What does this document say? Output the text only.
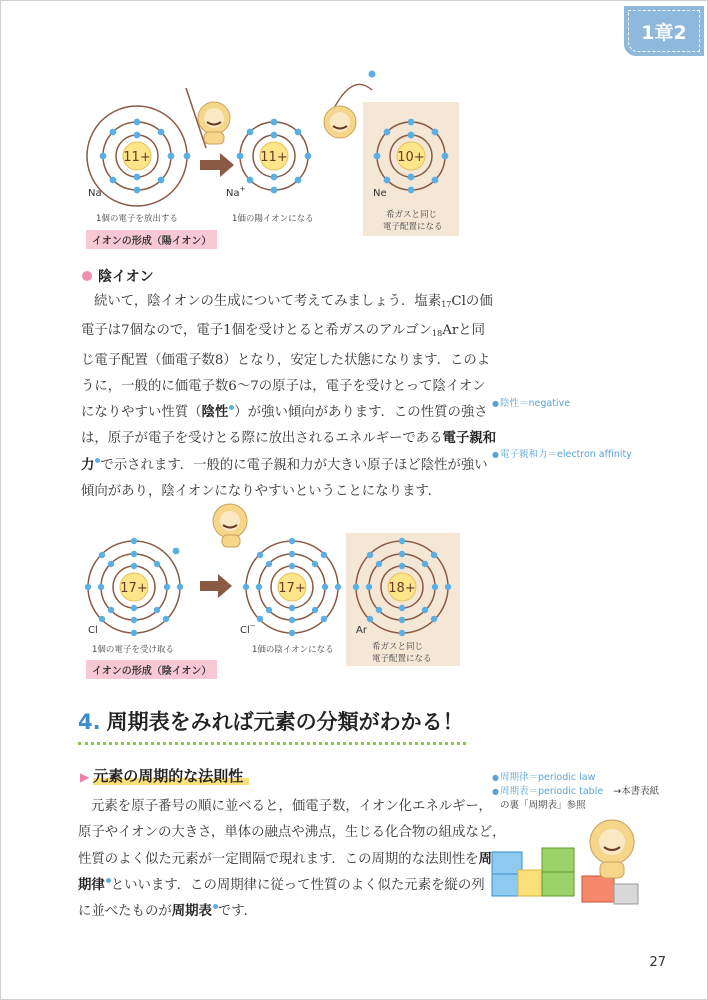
1章2
11+
Na
11+
Na+
10+
Ne
1個の電子を放出する	1価の陽イオンになる	希ガスと同じ
電子配置になる
イオンの形成（陽イオン）
陰イオン
続いて，陰イオンの生成について考えてみましょう．塩素$_{17}$Clの価
電子は7個なので，電子1個を受けとると希ガスのアルゴン$_{18}$Arと同
じ電子配置（価電子数8）となり，安定した状態になります．このよ
うに，一般的に価電子数6～7の原子は，電子を受けとって陰イオン
になりやすい性質（陰性 ）が強い傾向があります．この性質の強さ
は，原子が電子を受けとる際に放出されるエネルギーである電子親和
力 で示されます．一般的に電子親和力が大きい原子ほど陰性が強い
傾向があり，陰イオンになりやすいということになります．
●陰性＝negative
●電子親和力＝electron affinity
17+
Cl
17+
Cl−
18+
Ar
1個の電子を受け取る	1価の陰イオンになる	希ガスと同じ
電子配置になる
イオンの形成（陰イオン）
4. 周期表をみれば元素の分類がわかる！
▶ 元素の周期的な法則性
元素を原子番号の順に並べると，価電子数，イオン化エネルギー，
原子やイオンの大きさ，単体の融点や沸点，生じる化合物の組成など，
性質のよく似た元素が一定間隔で現れます．この周期的な法則性を周
期律 といいます．この周期律に従って性質のよく似た元素を縦の列
に並べたものが周期表 です．
●周期律＝periodic law
●周期表＝periodic table →本書表紙
の裏「周期表」参照
27
